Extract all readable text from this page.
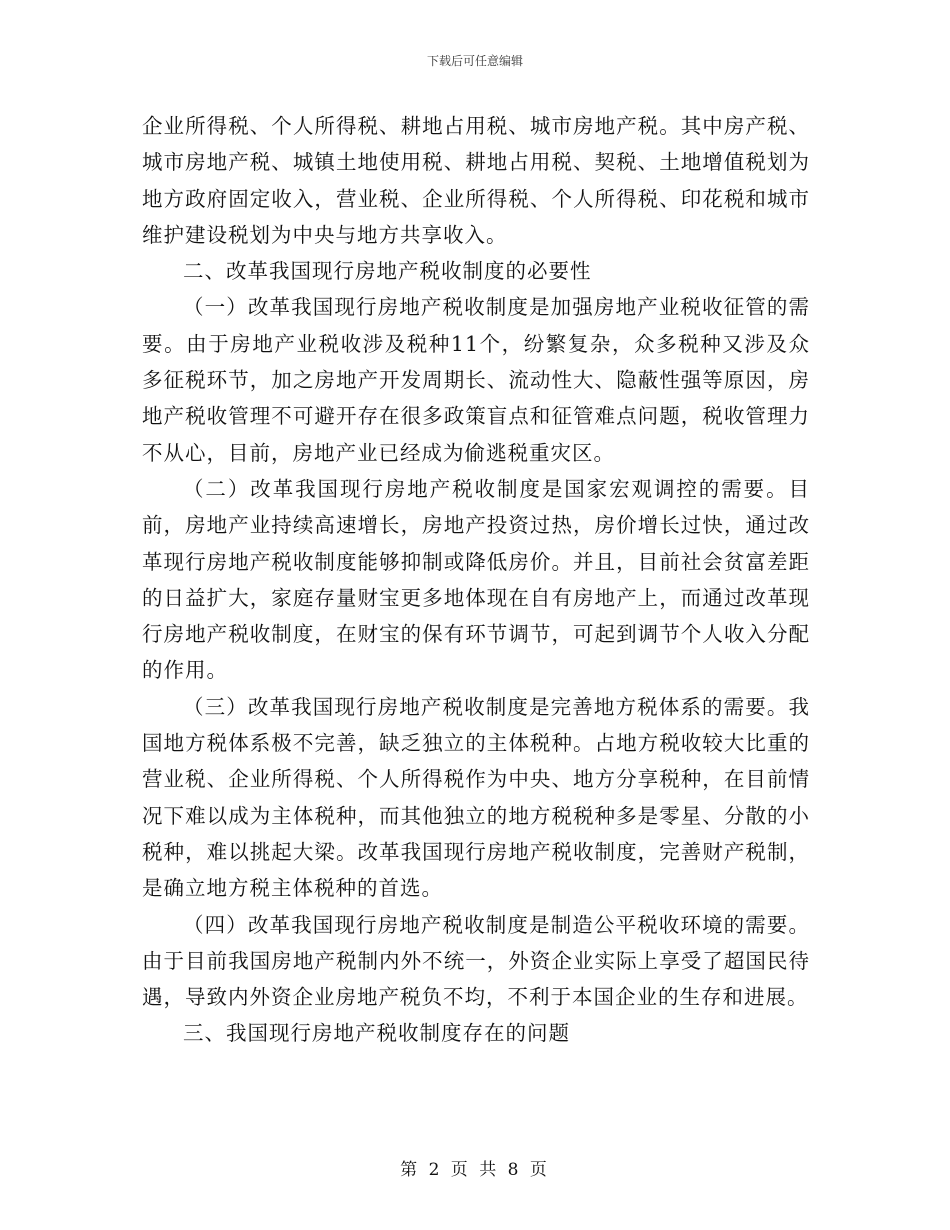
下载后可任意编辑

企业所得税、个人所得税、耕地占用税、城市房地产税。其中房产税、城市房地产税、城镇土地使用税、耕地占用税、契税、土地增值税划为地方政府固定收入，营业税、企业所得税、个人所得税、印花税和城市维护建设税划为中央与地方共享收入。

二、改革我国现行房地产税收制度的必要性

（一）改革我国现行房地产税收制度是加强房地产业税收征管的需要。由于房地产业税收涉及税种11个，纷繁复杂，众多税种又涉及众多征税环节，加之房地产开发周期长、流动性大、隐蔽性强等原因，房地产税收管理不可避开存在很多政策盲点和征管难点问题，税收管理力不从心，目前，房地产业已经成为偷逃税重灾区。

（二）改革我国现行房地产税收制度是国家宏观调控的需要。目前，房地产业持续高速增长，房地产投资过热，房价增长过快，通过改革现行房地产税收制度能够抑制或降低房价。并且，目前社会贫富差距的日益扩大，家庭存量财宝更多地体现在自有房地产上，而通过改革现行房地产税收制度，在财宝的保有环节调节，可起到调节个人收入分配的作用。

（三）改革我国现行房地产税收制度是完善地方税体系的需要。我国地方税体系极不完善，缺乏独立的主体税种。占地方税收较大比重的营业税、企业所得税、个人所得税作为中央、地方分享税种，在目前情况下难以成为主体税种，而其他独立的地方税税种多是零星、分散的小税种，难以挑起大梁。改革我国现行房地产税收制度，完善财产税制，是确立地方税主体税种的首选。

（四）改革我国现行房地产税收制度是制造公平税收环境的需要。由于目前我国房地产税制内外不统一，外资企业实际上享受了超国民待遇，导致内外资企业房地产税负不均，不利于本国企业的生存和进展。

三、我国现行房地产税收制度存在的问题

第 2 页 共 8 页
